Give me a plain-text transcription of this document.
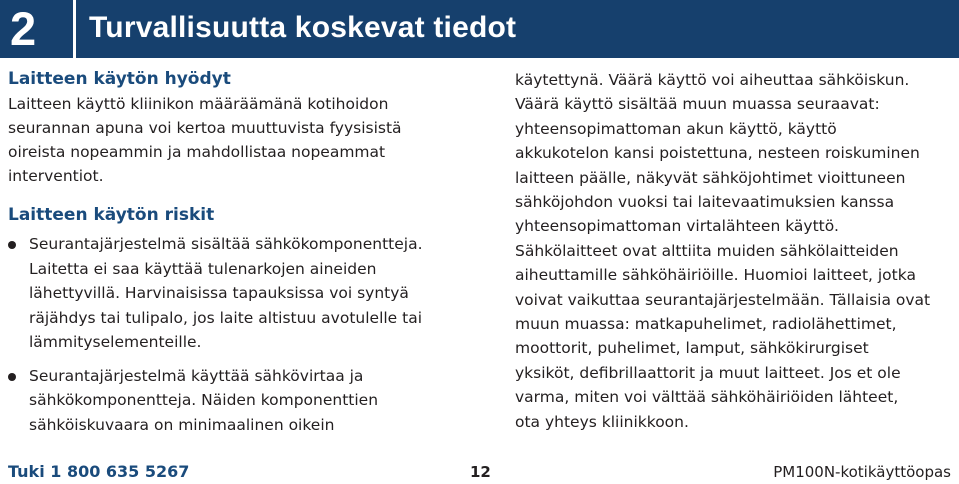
2 Turvallisuutta koskevat tiedot
Laitteen käytön hyödyt

Laitteen käyttö kliinikon määräämänä kotihoidon
seurannan apuna voi kertoa muuttuvista fyysisistä
oireista nopeammin ja mahdollistaa nopeammat
interventiot.

Laitteen käytön riskit
Seurantajärjestelmä sisältää sähkökomponentteja.
Laitetta ei saa käyttää tulenarkojen aineiden
lähettyvillä. Harvinaisissa tapauksissa voi syntyä
räjähdys tai tulipalo, jos laite altistuu avotulelle tai
lämmityselementeille.
Seurantajärjestelmä käyttää sähkövirtaa ja
sähkökomponentteja. Näiden komponenttien
sähköiskuvaara on minimaalinen oikein

käytettynä. Väärä käyttö voi aiheuttaa sähköiskun.
Väärä käyttö sisältää muun muassa seuraavat:
yhteensopimattoman akun käyttö, käyttö
akkukotelon kansi poistettuna, nesteen roiskuminen
laitteen päälle, näkyvät sähköjohtimet vioittuneen
sähköjohdon vuoksi tai laitevaatimuksien kanssa
yhteensopimattoman virtalähteen käyttö.
Sähkölaitteet ovat alttiita muiden sähkölaitteiden
aiheuttamille sähköhäiriöille. Huomioi laitteet, jotka
voivat vaikuttaa seurantajärjestelmään. Tällaisia ovat
muun muassa: matkapuhelimet, radiolähettimet,
moottorit, puhelimet, lamput, sähkökirurgiset
yksiköt, defibrillaattorit ja muut laitteet. Jos et ole
varma, miten voi välttää sähköhäiriöiden lähteet,
ota yhteys kliinikkoon.

Tuki 1 800 635 5267	12	PM100N-kotikäyttöopas
